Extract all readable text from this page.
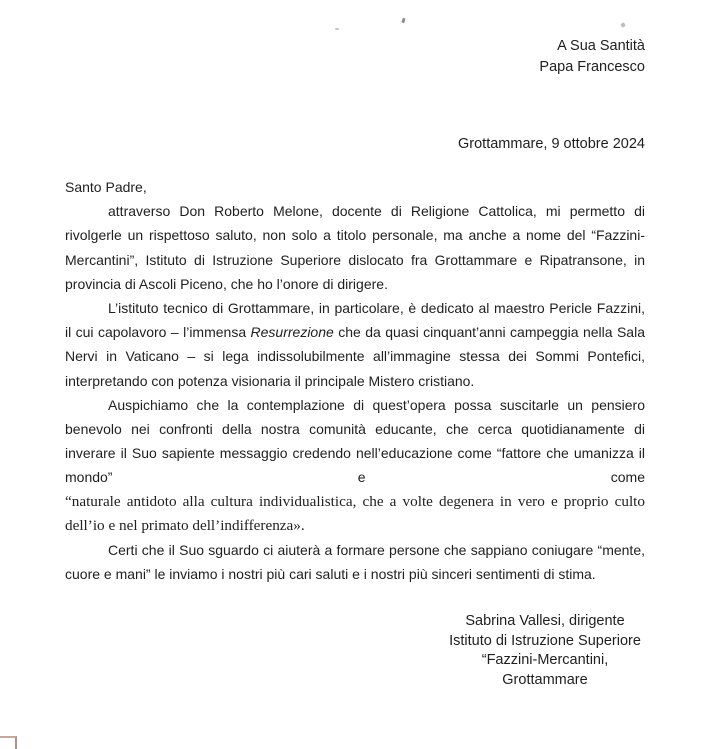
A Sua Santità
Papa Francesco
Grottammare, 9 ottobre 2024

Santo Padre,

attraverso Don Roberto Melone, docente di Religione Cattolica, mi permetto di rivolgerle un rispettoso saluto, non solo a titolo personale, ma anche a nome del “Fazzini-Mercantini”, Istituto di Istruzione Superiore dislocato fra Grottammare e Ripatransone, in provincia di Ascoli Piceno, che ho l’onore di dirigere.

L’istituto tecnico di Grottammare, in particolare, è dedicato al maestro Pericle Fazzini, il cui capolavoro – l’immensa Resurrezione che da quasi cinquant’anni campeggia nella Sala Nervi in Vaticano – si lega indissolubilmente all’immagine stessa dei Sommi Pontefici, interpretando con potenza visionaria il principale Mistero cristiano.

Auspichiamo che la contemplazione di quest’opera possa suscitarle un pensiero benevolo nei confronti della nostra comunità educante, che cerca quotidianamente di inverare il Suo sapiente messaggio credendo nell’educazione come “fattore che umanizza il mondo” e come

“naturale antidoto alla cultura individualistica, che a volte degenera in vero e proprio culto dell’io e nel primato dell’indifferenza».

Certi che il Suo sguardo ci aiuterà a formare persone che sappiano coniugare “mente, cuore e mani” le inviamo i nostri più cari saluti e i nostri più sinceri sentimenti di stima.

Sabrina Vallesi, dirigente
Istituto di Istruzione Superiore
“Fazzini-Mercantini,
Grottammare
